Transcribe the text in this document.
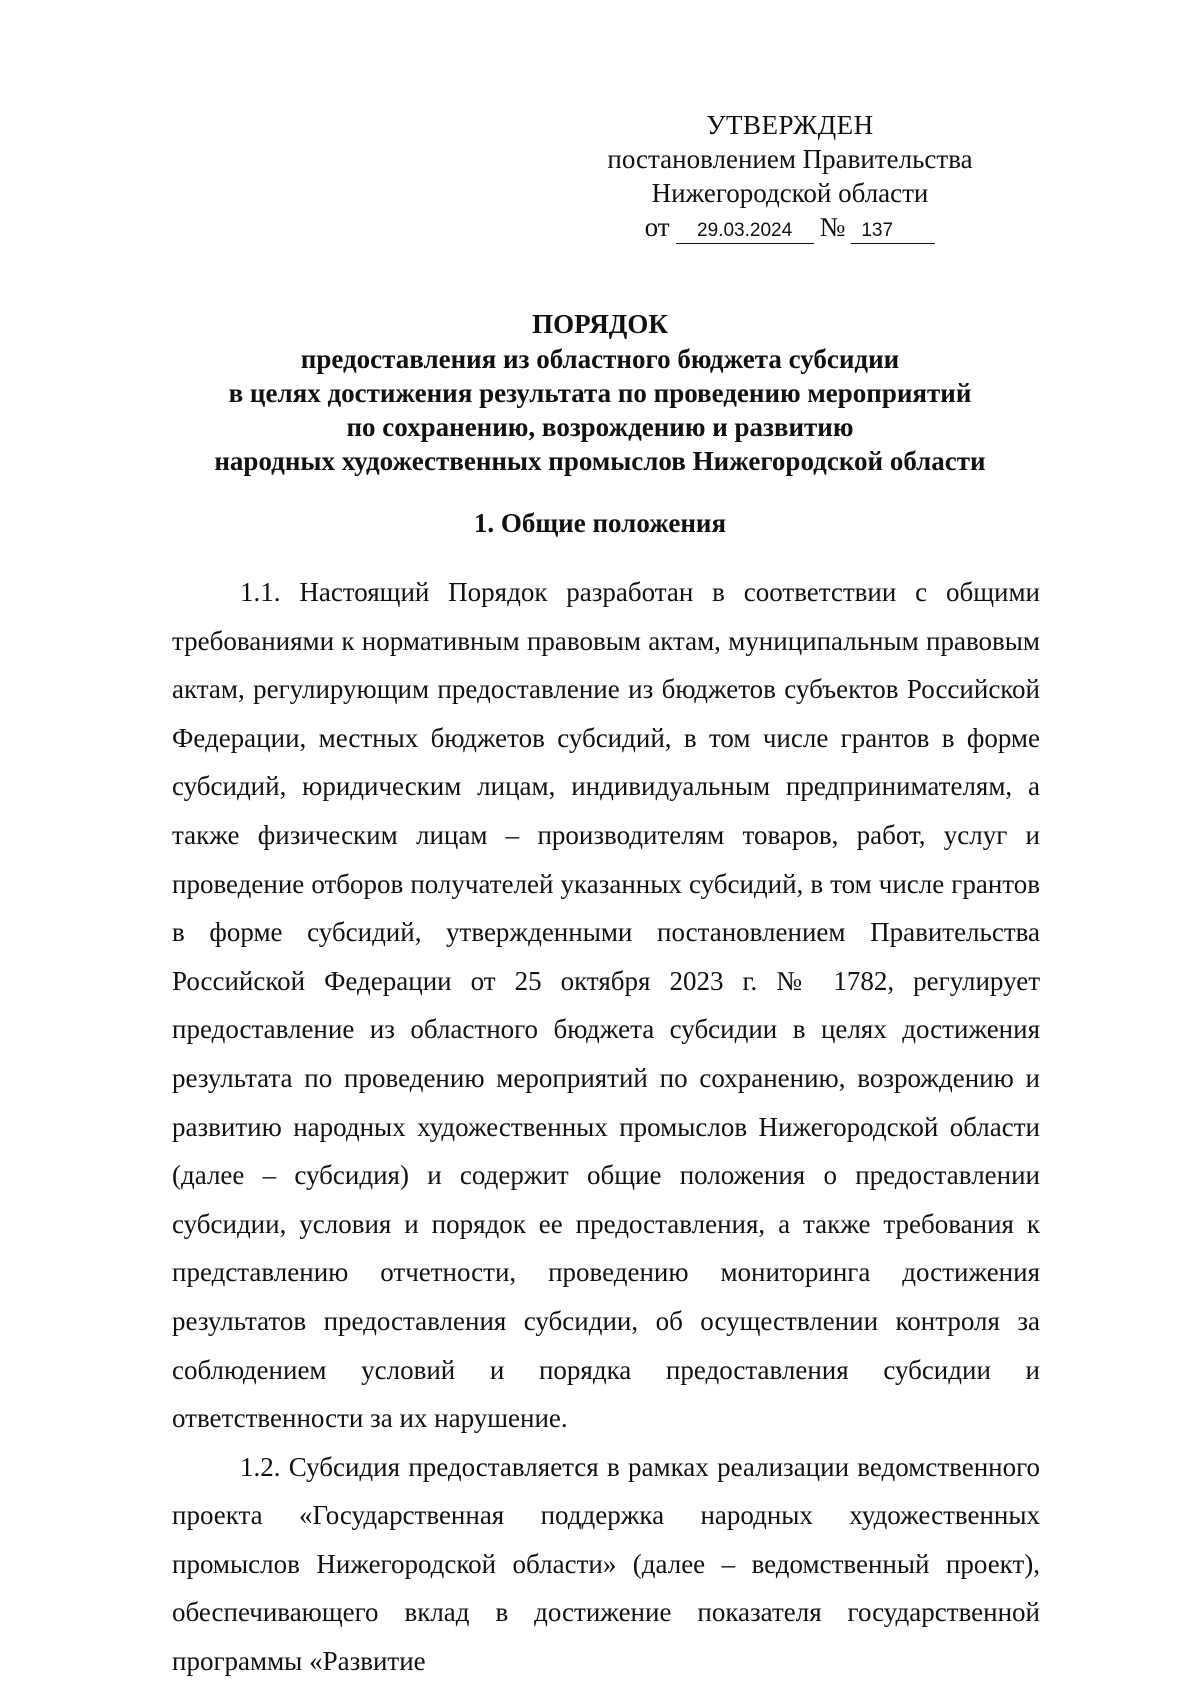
УТВЕРЖДЕН
постановлением Правительства
Нижегородской области
от	29.03.2024	№ 137
ПОРЯДОК
предоставления из областного бюджета субсидии
в целях достижения результата по проведению мероприятий
по сохранению, возрождению и развитию
народных художественных промыслов Нижегородской области
1. Общие положения

1.1. Настоящий Порядок разработан в соответствии с общими требованиями к нормативным правовым актам, муниципальным правовым актам, регулирующим предоставление из бюджетов субъектов Российской Федерации, местных бюджетов субсидий, в том числе грантов в форме субсидий, юридическим лицам, индивидуальным предпринимателям, а также физическим лицам – производителям товаров, работ, услуг и проведение отборов получателей указанных субсидий, в том числе грантов в форме субсидий, утвержденными постановлением Правительства Российской Федерации от 25 октября 2023 г. № 1782, регулирует предоставление из областного бюджета субсидии в целях достижения результата по проведению мероприятий по сохранению, возрождению и развитию народных художественных промыслов Нижегородской области (далее – субсидия) и содержит общие положения о предоставлении субсидии, условия и порядок ее предоставления, а также требования к представлению отчетности, проведению мониторинга достижения результатов предоставления субсидии, об осуществлении контроля за соблюдением условий и порядка предоставления субсидии и ответственности за их нарушение.

1.2. Субсидия предоставляется в рамках реализации ведомственного проекта «Государственная поддержка народных художественных промыслов Нижегородской области» (далее – ведомственный проект), обеспечивающего вклад в достижение показателя государственной программы «Развитие
